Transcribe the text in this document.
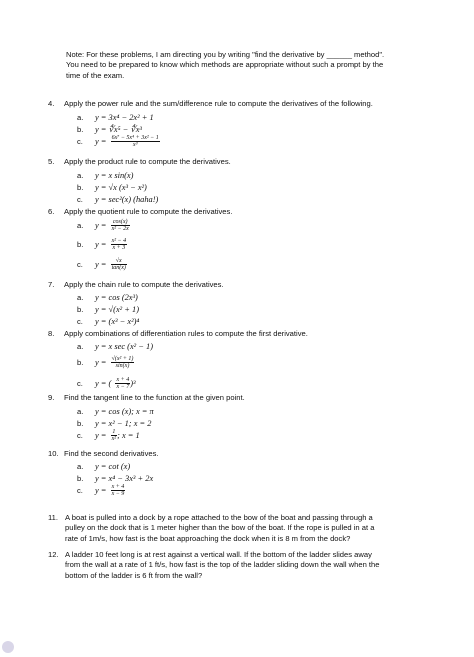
Note: For these problems, I am directing you by writing "find the derivative by ______ method".

You need to be prepared to know which methods are appropriate without such a prompt by the

time of the exam.

4. Apply the power rule and the sum/difference rule to compute the derivatives of the following.
a. y = 3x⁴ − 2x² + 1
b. y = ∜x⁵ − ∜x³
c. $y = \frac{\text{6x⁷ − 5x⁴ + 3x² − 1}}{\text{x³}}$
5. Apply the product rule to compute the derivatives.
a. y = x sin(x)
b. y = √x (x³ − x²)
c. y = sec²(x) (haha!)
6. Apply the quotient rule to compute the derivatives.
a. $y = \frac{\cos(x)}{\text{x² − 2x}}$
b. $y = \frac{\text{x² − 4}}{x + 3}$
c. $y = \frac{√x}{\tan(x)}$
7. Apply the chain rule to compute the derivatives.
a. y = cos (2x³)
b. y = √(x² + 1)
c. y = (x³ − x²)⁴
8. Apply combinations of differentiation rules to compute the first derivative.
a. y = x sec (x² − 1)
b. $y = \frac{\text{√(x² + 1)}}{\sin(x)}$
c. y = ( $\frac{x + 4}{x - 7} )^3$
9. Find the tangent line to the function at the given point.
a. y = cos (x); x = π
b. y = x² − 1; x = 2
c. $y = \frac{1}{\text{x²}}$ ; x = 1
10. Find the second derivatives.
a. y = cot (x)
b. y = x⁴ − 3x³ + 2x
c. $y = \frac{x + 4}{x - 9}$
11. A boat is pulled into a dock by a rope attached to the bow of the boat and passing through a
pulley on the dock that is 1 meter higher than the bow of the boat. If the rope is pulled in at a
rate of 1m/s, how fast is the boat approaching the dock when it is 8 m from the dock?
12. A ladder 10 feet long is at rest against a vertical wall. If the bottom of the ladder slides away
from the wall at a rate of 1 ft/s, how fast is the top of the ladder sliding down the wall when the
bottom of the ladder is 6 ft from the wall?
